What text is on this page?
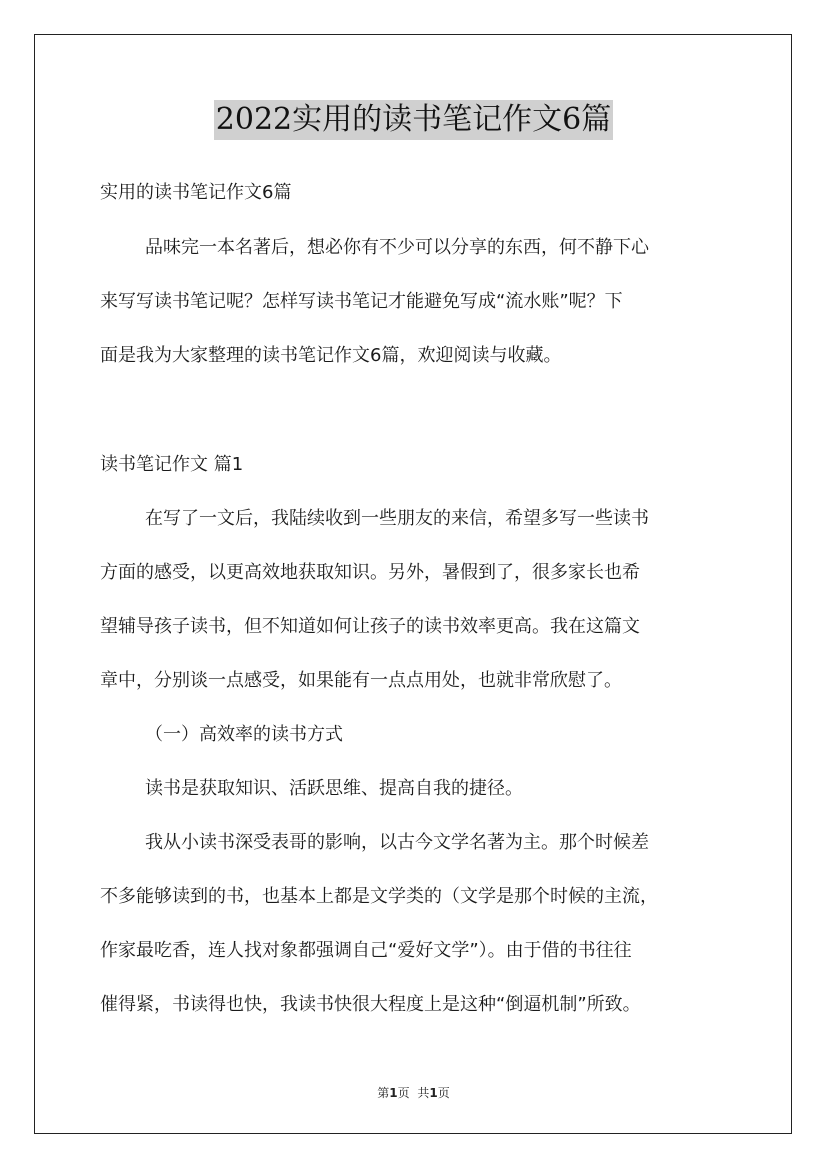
2022实用的读书笔记作文6篇
实用的读书笔记作文6篇
品味完一本名著后，想必你有不少可以分享的东西，何不静下心
来写写读书笔记呢？怎样写读书笔记才能避免写成“流水账”呢？下
面是我为大家整理的读书笔记作文6篇，欢迎阅读与收藏。
读书笔记作文 篇1
在写了一文后，我陆续收到一些朋友的来信，希望多写一些读书
方面的感受，以更高效地获取知识。另外，暑假到了，很多家长也希
望辅导孩子读书，但不知道如何让孩子的读书效率更高。我在这篇文
章中，分别谈一点感受，如果能有一点点用处，也就非常欣慰了。
（一）高效率的读书方式
读书是获取知识、活跃思维、提高自我的捷径。
我从小读书深受表哥的影响，以古今文学名著为主。那个时候差
不多能够读到的书，也基本上都是文学类的（文学是那个时候的主流，
作家最吃香，连人找对象都强调自己“爱好文学”）。由于借的书往往
催得紧，书读得也快，我读书快很大程度上是这种“倒逼机制”所致。
第1页 共1页
